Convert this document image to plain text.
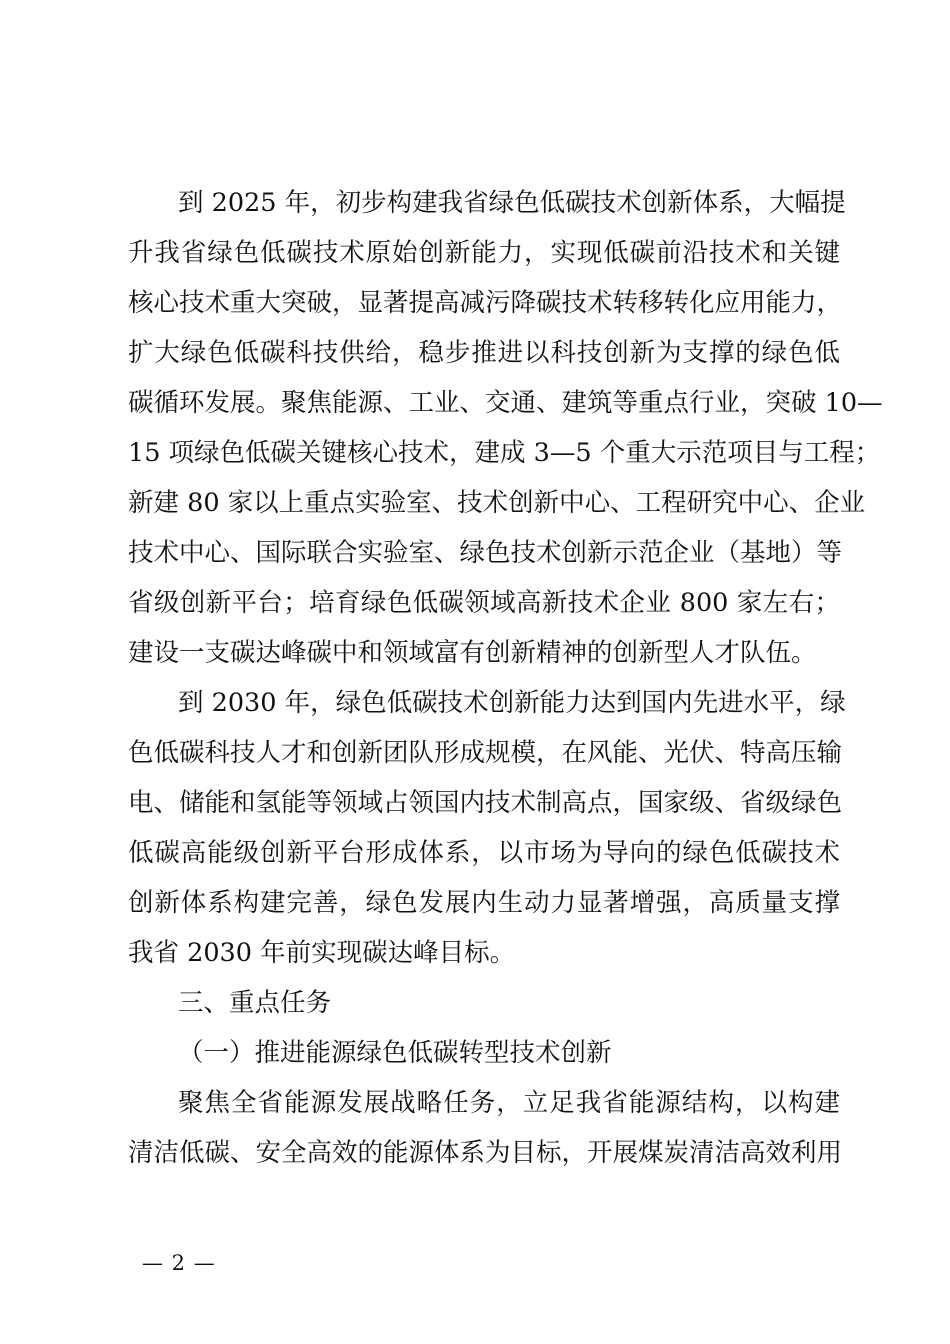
到 2025 年，初步构建我省绿色低碳技术创新体系，大幅提
升我省绿色低碳技术原始创新能力，实现低碳前沿技术和关键
核心技术重大突破，显著提高减污降碳技术转移转化应用能力，
扩大绿色低碳科技供给，稳步推进以科技创新为支撑的绿色低
碳循环发展。聚焦能源、工业、交通、建筑等重点行业，突破 10—
15 项绿色低碳关键核心技术，建成 3—5 个重大示范项目与工程；
新建 80 家以上重点实验室、技术创新中心、工程研究中心、企业
技术中心、国际联合实验室、绿色技术创新示范企业（基地）等
省级创新平台；培育绿色低碳领域高新技术企业 800 家左右；
建设一支碳达峰碳中和领域富有创新精神的创新型人才队伍。
到 2030 年，绿色低碳技术创新能力达到国内先进水平，绿
色低碳科技人才和创新团队形成规模，在风能、光伏、特高压输
电、储能和氢能等领域占领国内技术制高点，国家级、省级绿色
低碳高能级创新平台形成体系，以市场为导向的绿色低碳技术
创新体系构建完善，绿色发展内生动力显著增强，高质量支撑
我省 2030 年前实现碳达峰目标。
三、重点任务
（一）推进能源绿色低碳转型技术创新
聚焦全省能源发展战略任务，立足我省能源结构，以构建
清洁低碳、安全高效的能源体系为目标，开展煤炭清洁高效利用
— 2 —
